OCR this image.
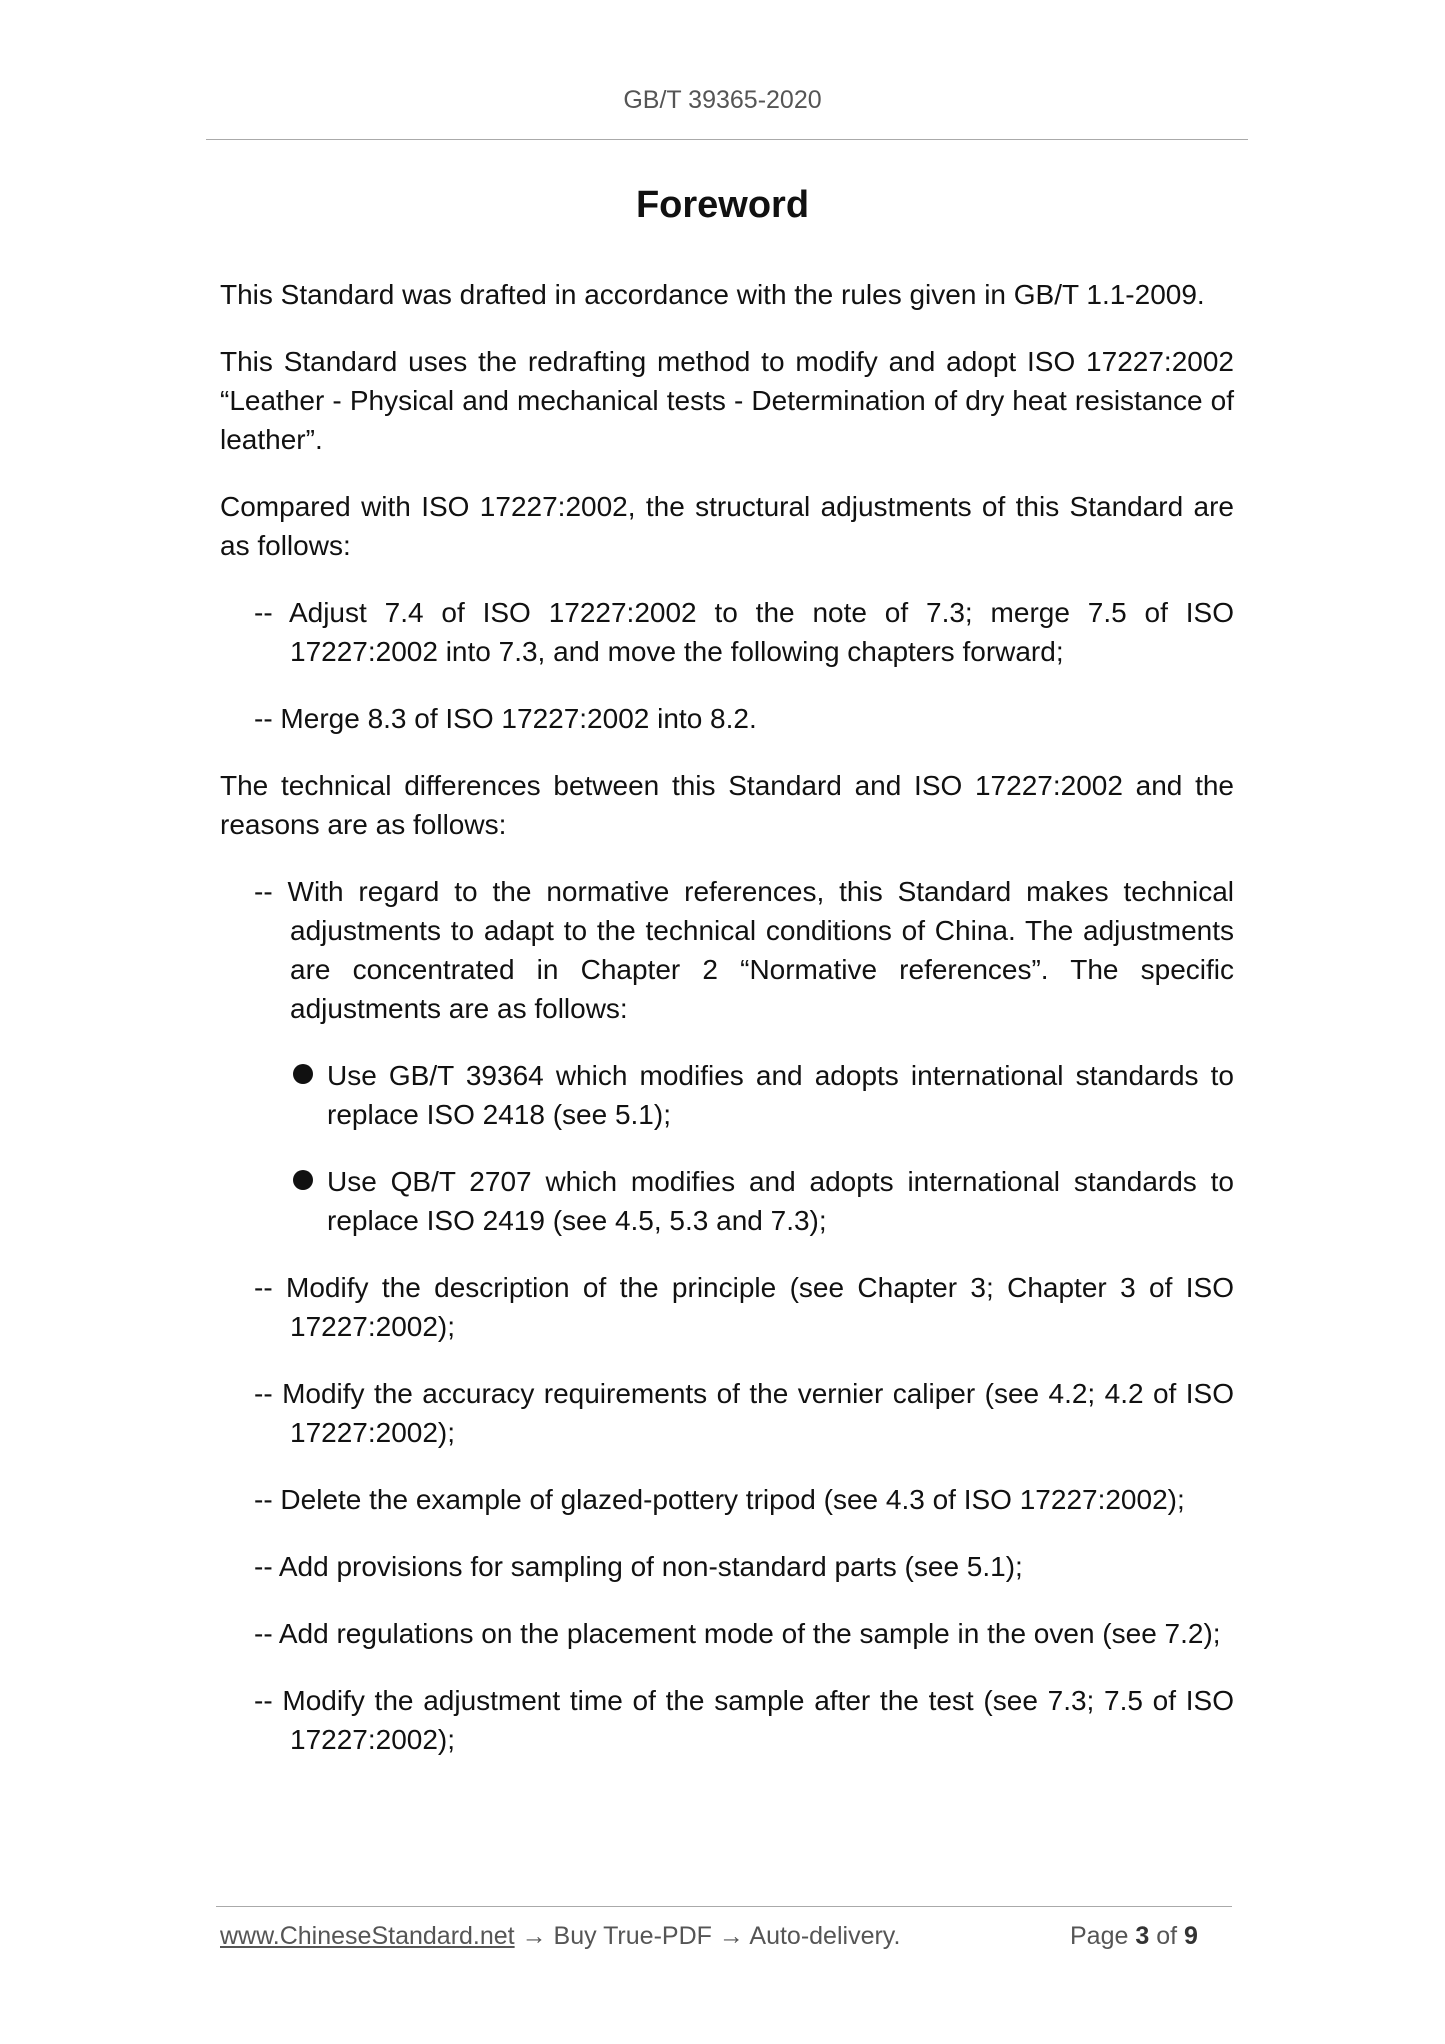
GB/T 39365-2020
Foreword

This Standard was drafted in accordance with the rules given in GB/T 1.1-2009.

This Standard uses the redrafting method to modify and adopt ISO 17227:2002 “Leather - Physical and mechanical tests - Determination of dry heat resistance of leather”.

Compared with ISO 17227:2002, the structural adjustments of this Standard are as follows:

-- Adjust 7.4 of ISO 17227:2002 to the note of 7.3; merge 7.5 of ISO 17227:2002 into 7.3, and move the following chapters forward;

-- Merge 8.3 of ISO 17227:2002 into 8.2.

The technical differences between this Standard and ISO 17227:2002 and the reasons are as follows:

-- With regard to the normative references, this Standard makes technical adjustments to adapt to the technical conditions of China. The adjustments are concentrated in Chapter 2 “Normative references”. The specific adjustments are as follows:

Use GB/T 39364 which modifies and adopts international standards to replace ISO 2418 (see 5.1);

Use QB/T 2707 which modifies and adopts international standards to replace ISO 2419 (see 4.5, 5.3 and 7.3);

-- Modify the description of the principle (see Chapter 3; Chapter 3 of ISO 17227:2002);

-- Modify the accuracy requirements of the vernier caliper (see 4.2; 4.2 of ISO 17227:2002);

-- Delete the example of glazed-pottery tripod (see 4.3 of ISO 17227:2002);

-- Add provisions for sampling of non-standard parts (see 5.1);

-- Add regulations on the placement mode of the sample in the oven (see 7.2);

-- Modify the adjustment time of the sample after the test (see 7.3; 7.5 of ISO 17227:2002);

www.ChineseStandard.net → Buy True-PDF → Auto-delivery.	Page 3 of 9
